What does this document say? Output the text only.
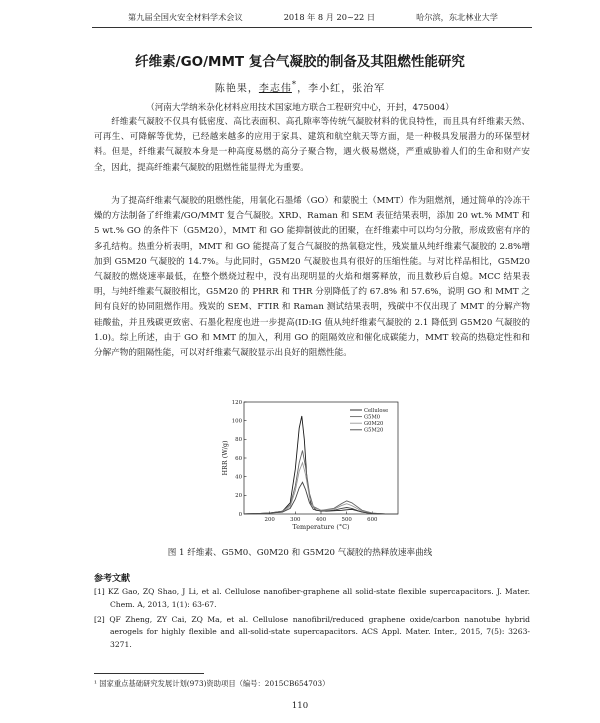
第九届全国火安全材料学术会议	2018 年 8 月 20~22 日	哈尔滨，东北林业大学
纤维素/GO/MMT 复合气凝胶的制备及其阻燃性能研究
陈艳果，李志伟*，李小红，张治军
（河南大学纳米杂化材料应用技术国家地方联合工程研究中心，开封，475004）

纤维素气凝胶不仅具有低密度、高比表面积、高孔隙率等传统气凝胶材料的优良特性，而且具有纤维素天然、可再生、可降解等优势，已经越来越多的应用于家具、建筑和航空航天等方面，是一种极具发展潜力的环保型材料。但是，纤维素气凝胶本身是一种高度易燃的高分子聚合物，遇火极易燃烧，严重威胁着人们的生命和财产安全，因此，提高纤维素气凝胶的阻燃性能显得尤为重要。

为了提高纤维素气凝胶的阻燃性能，用氧化石墨烯（GO）和蒙脱土（MMT）作为阻燃剂，通过简单的冷冻干燥的方法制备了纤维素/GO/MMT 复合气凝胶。XRD、Raman 和 SEM 表征结果表明，添加 20 wt.% MMT 和 5 wt.% GO 的条件下（G5M20），MMT 和 GO 能抑制彼此的团聚，在纤维素中可以均匀分散，形成致密有序的多孔结构。热重分析表明，MMT 和 GO 能提高了复合气凝胶的热氧稳定性，残炭量从纯纤维素气凝胶的 2.8%增加到 G5M20 气凝胶的 14.7%。与此同时，G5M20 气凝胶也具有很好的压缩性能。与对比样品相比，G5M20 气凝胶的燃烧速率最低，在整个燃烧过程中，没有出现明显的火焰和烟雾释放，而且数秒后自熄。MCC 结果表明，与纯纤维素气凝胶相比，G5M20 的 PHRR 和 THR 分别降低了约 67.8% 和 57.6%，说明 GO 和 MMT 之间有良好的协同阻燃作用。残炭的 SEM、FTIR 和 Raman 测试结果表明，残碳中不仅出现了 MMT 的分解产物硅酸盐，并且残碳更致密、石墨化程度也进一步提高(ID:IG 值从纯纤维素气凝胶的 2.1 降低到 G5M20 气凝胶的 1.0)。综上所述，由于 GO 和 MMT 的加入，利用 GO 的阻隔效应和催化成碳能力，MMT 较高的热稳定性和和分解产物的阻隔性能，可以对纤维素气凝胶显示出良好的阻燃性能。

0
20
40
60
80
100
120
200	300	400	500	600
Temperature (°C)
HRR (W/g)
Cellulose
G5M0
G0M20
G5M20
图 1 纤维素、G5M0、G0M20 和 G5M20 气凝胶的热释放速率曲线
参考文献
[1] KZ Gao, ZQ Shao, J Li, et al. Cellulose nanofiber-graphene all solid-state flexible supercapacitors. J. Mater. Chem. A, 2013, 1(1): 63-67.
[2] QF Zheng, ZY Cai, ZQ Ma, et al. Cellulose nanofibril/reduced graphene oxide/carbon nanotube hybrid aerogels for highly flexible and all-solid-state supercapacitors. ACS Appl. Mater. Inter., 2015, 7(5): 3263-3271.
¹ 国家重点基础研究发展计划(973)资助项目（编号：2015CB654703）
110
